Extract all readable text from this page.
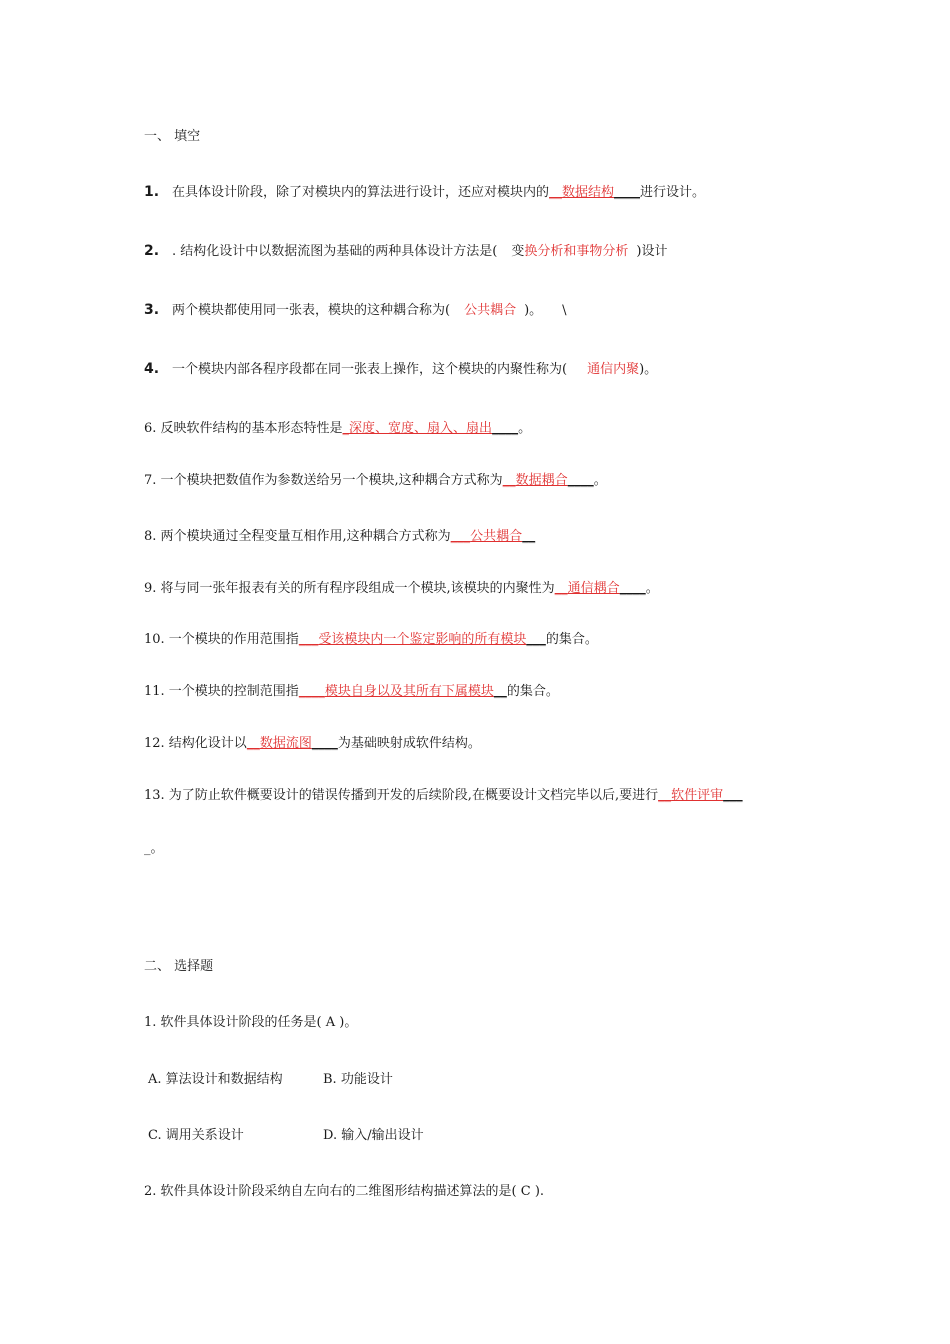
一、 填空
1. 在具体设计阶段，除了对模块内的算法进行设计，还应对模块内的__数据结构____进行设计。
2. . 结构化设计中以数据流图为基础的两种具体设计方法是( 变换分析和事物分析 )设计
3. 两个模块都使用同一张表，模块的这种耦合称为( 公共耦合 )。 \
4. 一个模块内部各程序段都在同一张表上操作，这个模块的内聚性称为( 通信内聚)。
6. 反映软件结构的基本形态特性是_深度、宽度、扇入、扇出____。
7. 一个模块把数值作为参数送给另一个模块,这种耦合方式称为__数据耦合____。
8. 两个模块通过全程变量互相作用,这种耦合方式称为___公共耦合__
9. 将与同一张年报表有关的所有程序段组成一个模块,该模块的内聚性为__通信耦合____。
10. 一个模块的作用范围指___受该模块内一个鉴定影响的所有模块___的集合。
11. 一个模块的控制范围指____模块自身以及其所有下属模块__的集合。
12. 结构化设计以__数据流图____为基础映射成软件结构。
13. 为了防止软件概要设计的错误传播到开发的后续阶段,在概要设计文档完毕以后,要进行__软件评审___
_。
二、 选择题
1. 软件具体设计阶段的任务是( A )。
A. 算法设计和数据结构	B. 功能设计
C. 调用关系设计	D. 输入/输出设计
2. 软件具体设计阶段采纳自左向右的二维图形结构描述算法的是( C ).
